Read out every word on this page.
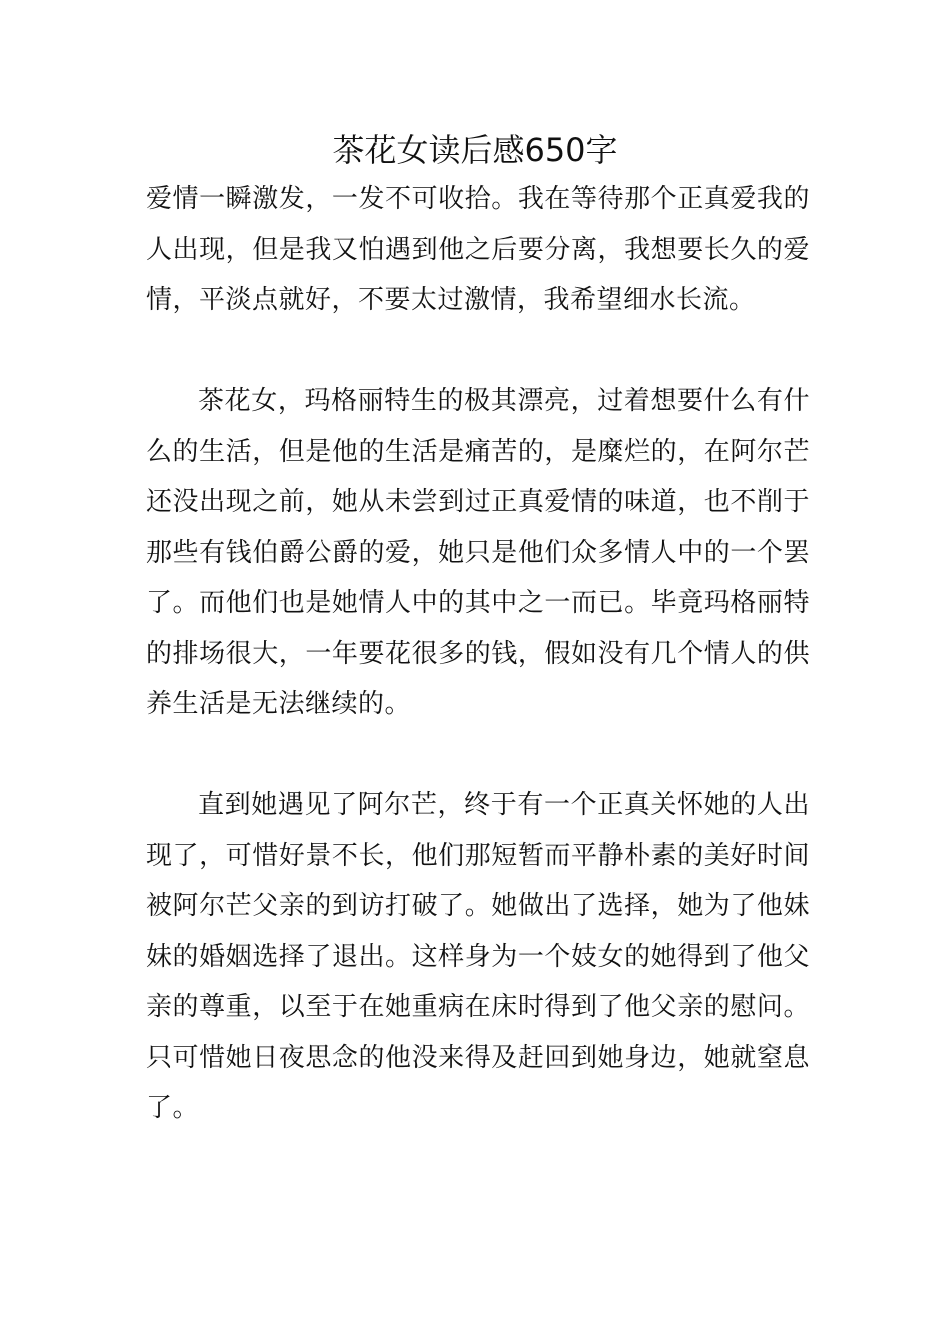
茶花女读后感650字

爱情一瞬激发，一发不可收拾。我在等待那个正真爱我的人出现，但是我又怕遇到他之后要分离，我想要长久的爱情，平淡点就好，不要太过激情，我希望细水长流。

茶花女，玛格丽特生的极其漂亮，过着想要什么有什么的生活，但是他的生活是痛苦的，是糜烂的，在阿尔芒还没出现之前，她从未尝到过正真爱情的味道，也不削于那些有钱伯爵公爵的爱，她只是他们众多情人中的一个罢了。而他们也是她情人中的其中之一而已。毕竟玛格丽特的排场很大，一年要花很多的钱，假如没有几个情人的供养生活是无法继续的。

直到她遇见了阿尔芒，终于有一个正真关怀她的人出现了，可惜好景不长，他们那短暂而平静朴素的美好时间被阿尔芒父亲的到访打破了。她做出了选择，她为了他妹妹的婚姻选择了退出。这样身为一个妓女的她得到了他父亲的尊重，以至于在她重病在床时得到了他父亲的慰问。只可惜她日夜思念的他没来得及赶回到她身边，她就窒息了。
